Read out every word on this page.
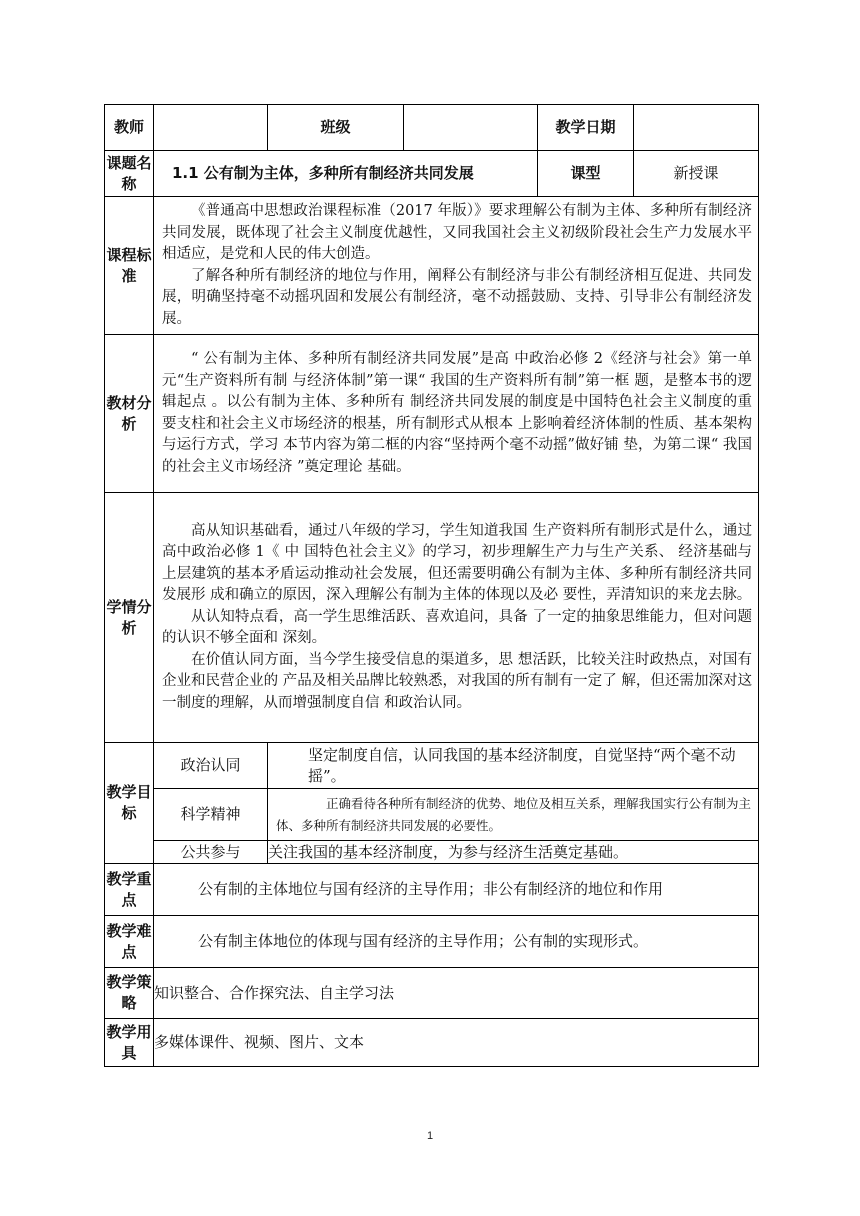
教师		班级		教学日期	
课题名称	1.1 公有制为主体，多种所有制经济共同发展			课型	新授课
课程标准	《普通高中思想政治课程标准（2017 年版）》要求理解公有制为主体、多种所有制经济共同发展，既体现了社会主义制度优越性，又同我国社会主义初级阶段社会生产力发展水平相适应，是党和人民的伟大创造。

了解各种所有制经济的地位与作用，阐释公有制经济与非公有制经济相互促进、共同发展，明确坚持毫不动摇巩固和发展公有制经济，毫不动摇鼓励、支持、引导非公有制经济发展。				

教材分析	“ 公有制为主体、多种所有制经济共同发展”是高 中政治必修 2《经济与社会》第一单元“生产资料所有制 与经济体制”第一课“ 我国的生产资料所有制”第一框 题，是整本书的逻辑起点 。以公有制为主体、多种所有 制经济共同发展的制度是中国特色社会主义制度的重 要支柱和社会主义市场经济的根基，所有制形式从根本 上影响着经济体制的性质、基本架构与运行方式，学习 本节内容为第二框的内容“坚持两个毫不动摇”做好铺 垫，为第二课“ 我国的社会主义市场经济 ”奠定理论 基础。				

学情分析	高从知识基础看，通过八年级的学习，学生知道我国 生产资料所有制形式是什么，通过高中政治必修 1《 中 国特色社会主义》的学习，初步理解生产力与生产关系、 经济基础与上层建筑的基本矛盾运动推动社会发展，但还需要明确公有制为主体、多种所有制经济共同发展形 成和确立的原因，深入理解公有制为主体的体现以及必 要性，弄清知识的来龙去脉。

从认知特点看，高一学生思维活跃、喜欢追问，具备 了一定的抽象思维能力，但对问题的认识不够全面和 深刻。

在价值认同方面，当今学生接受信息的渠道多，思 想活跃，比较关注时政热点，对国有企业和民营企业的 产品及相关品牌比较熟悉，对我国的所有制有一定了 解，但还需加深对这一制度的理解，从而增强制度自信 和政治认同。				

教学目标	政治认同	坚定制度自信，认同我国的基本经济制度，自觉坚持“两个毫不动摇”。			

	科学精神	正确看待各种所有制经济的优势、地位及相互关系，理解我国实行公有制为主体、多种所有制经济共同发展的必要性。			

	公共参与	关注我国的基本经济制度，为参与经济生活奠定基础。			
教学重点	公有制的主体地位与国有经济的主导作用；非公有制经济的地位和作用				
教学难点	公有制主体地位的体现与国有经济的主导作用；公有制的实现形式。				
教学策略	知识整合、合作探究法、自主学习法				
教学用具	多媒体课件、视频、图片、文本				
1
